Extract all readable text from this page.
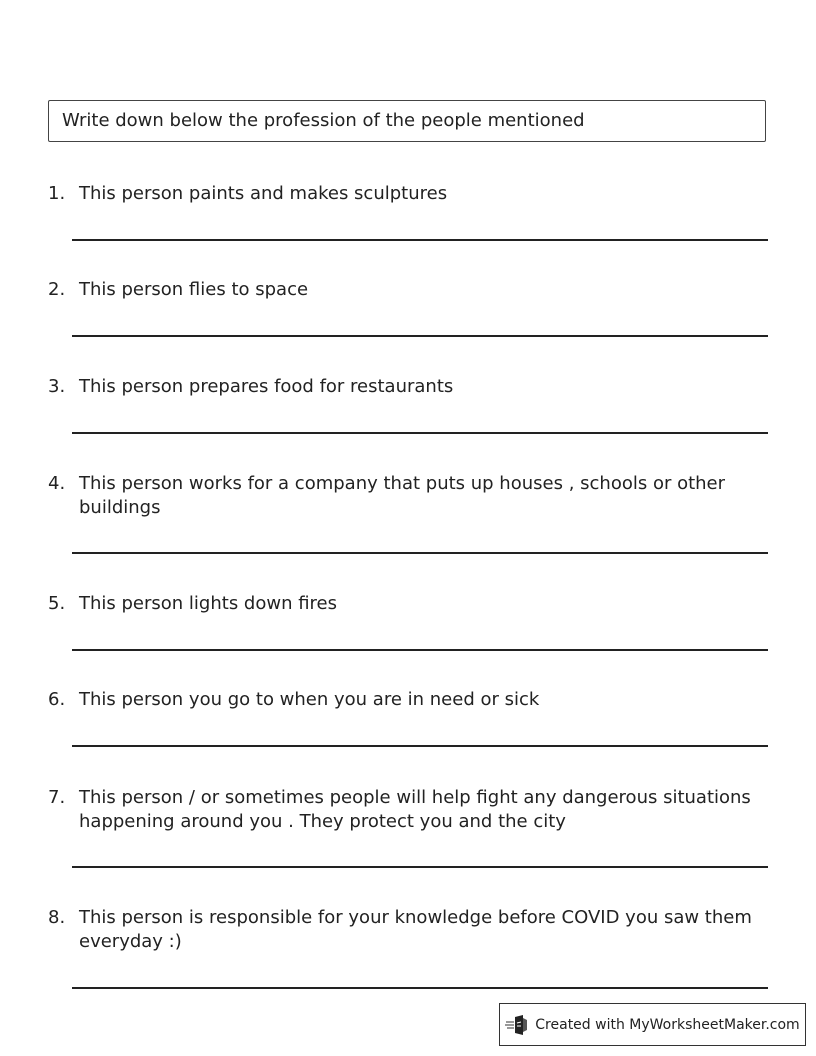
Write down below the profession of the people mentioned
1. This person paints and makes sculptures
2. This person flies to space
3. This person prepares food for restaurants
4. This person works for a company that puts up houses , schools or other buildings
5. This person lights down fires
6. This person you go to when you are in need or sick
7. This person / or sometimes people will help fight any dangerous situations happening around you . They protect you and the city
8. This person is responsible for your knowledge before COVID you saw them everyday :)
Created with MyWorksheetMaker.com
